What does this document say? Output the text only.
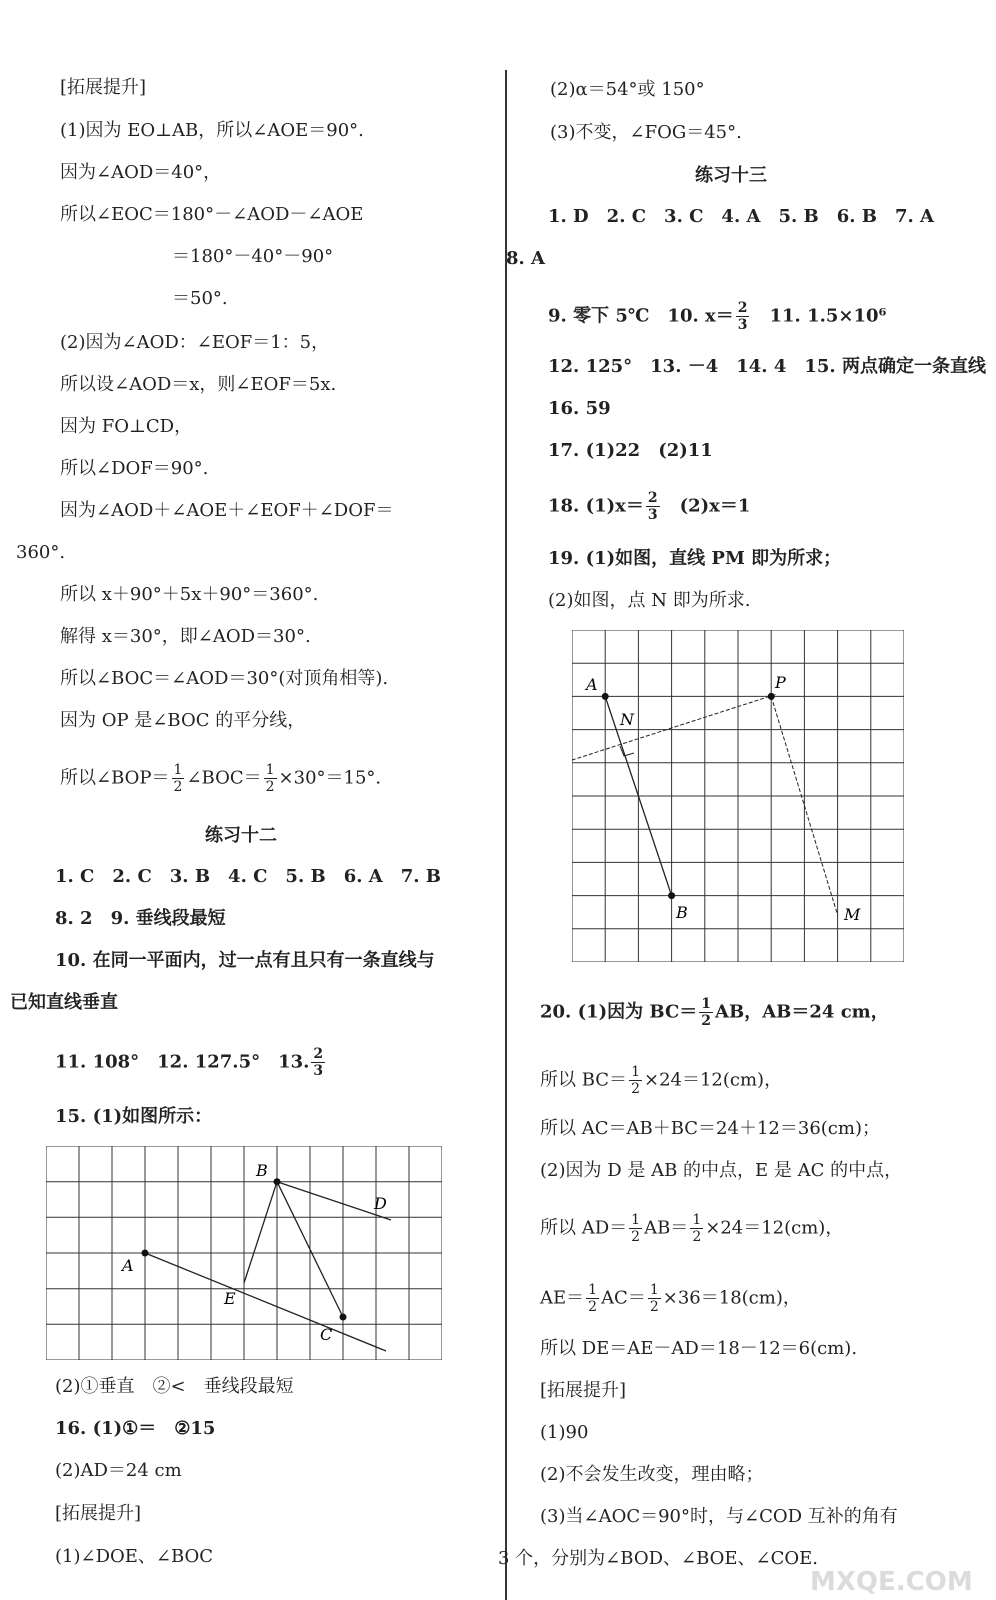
[拓展提升]
(1)因为 EO⊥AB，所以∠AOE＝90°.
因为∠AOD＝40°，
所以∠EOC＝180°－∠AOD－∠AOE
＝180°－40°－90°
＝50°.
(2)因为∠AOD：∠EOF＝1：5，
所以设∠AOD＝x，则∠EOF＝5x.
因为 FO⊥CD，
所以∠DOF＝90°.
因为∠AOD＋∠AOE＋∠EOF＋∠DOF＝
360°.
所以 x＋90°＋5x＋90°＝360°.
解得 x＝30°，即∠AOD＝30°.
所以∠BOC＝∠AOD＝30°(对顶角相等).
因为 OP 是∠BOC 的平分线，
所以∠BOP＝ $\frac{1}{2}$ ∠BOC＝ $\frac{1}{2} \times 30^\circ=15^\circ$.
练习十二
1. C　2. C　3. B　4. C　5. B　6. A　7. B
8. 2　9. 垂线段最短
10. 在同一平面内，过一点有且只有一条直线与
已知直线垂直
11. 108°　12. 127.5°　13. $\frac{2}{3}$
15. (1)如图所示：
A
B
C
D
E
(2)①垂直　②<　垂线段最短
16. (1)①＝　②15
(2)AD＝24 cm
[拓展提升]
(1)∠DOE、∠BOC
(2)α＝54°或 150°
(3)不变，∠FOG＝45°.
练习十三
1. D　2. C　3. C　4. A　5. B　6. B　7. A
8. A
9. 零下 5℃　10. $x= \frac{2}{3}$
　 11. 1.5×10⁶
12. 125°　13. －4　14. 4　15. 两点确定一条直线
16. 59
17. (1)22　(2)11
18. $(1)x= \frac{2}{3}$
　 (2)x＝1
19. (1)如图，直线 PM 即为所求；
(2)如图，点 N 即为所求.
A	P
B	M
N
20. (1)因为 $BC= \frac{1}{2}$ AB，AB＝24 cm，
所以 $BC= \frac{1}{2} \times 24=12(cm)$，
所以 AC＝AB＋BC＝24＋12＝36(cm)；
(2)因为 D 是 AB 的中点，E 是 AC 的中点，
所以 $AD= \frac{1}{2} AB= \frac{1}{2} \times 24=12(cm)$，
$AE= \frac{1}{2} AC= \frac{1}{2} \times 36=18(cm)$，
所以 DE＝AE－AD＝18－12＝6(cm).
[拓展提升]
(1)90
(2)不会发生改变，理由略；
(3)当∠AOC＝90°时，与∠COD 互补的角有
3 个，分别为∠BOD、∠BOE、∠COE.
MXQE.COM
